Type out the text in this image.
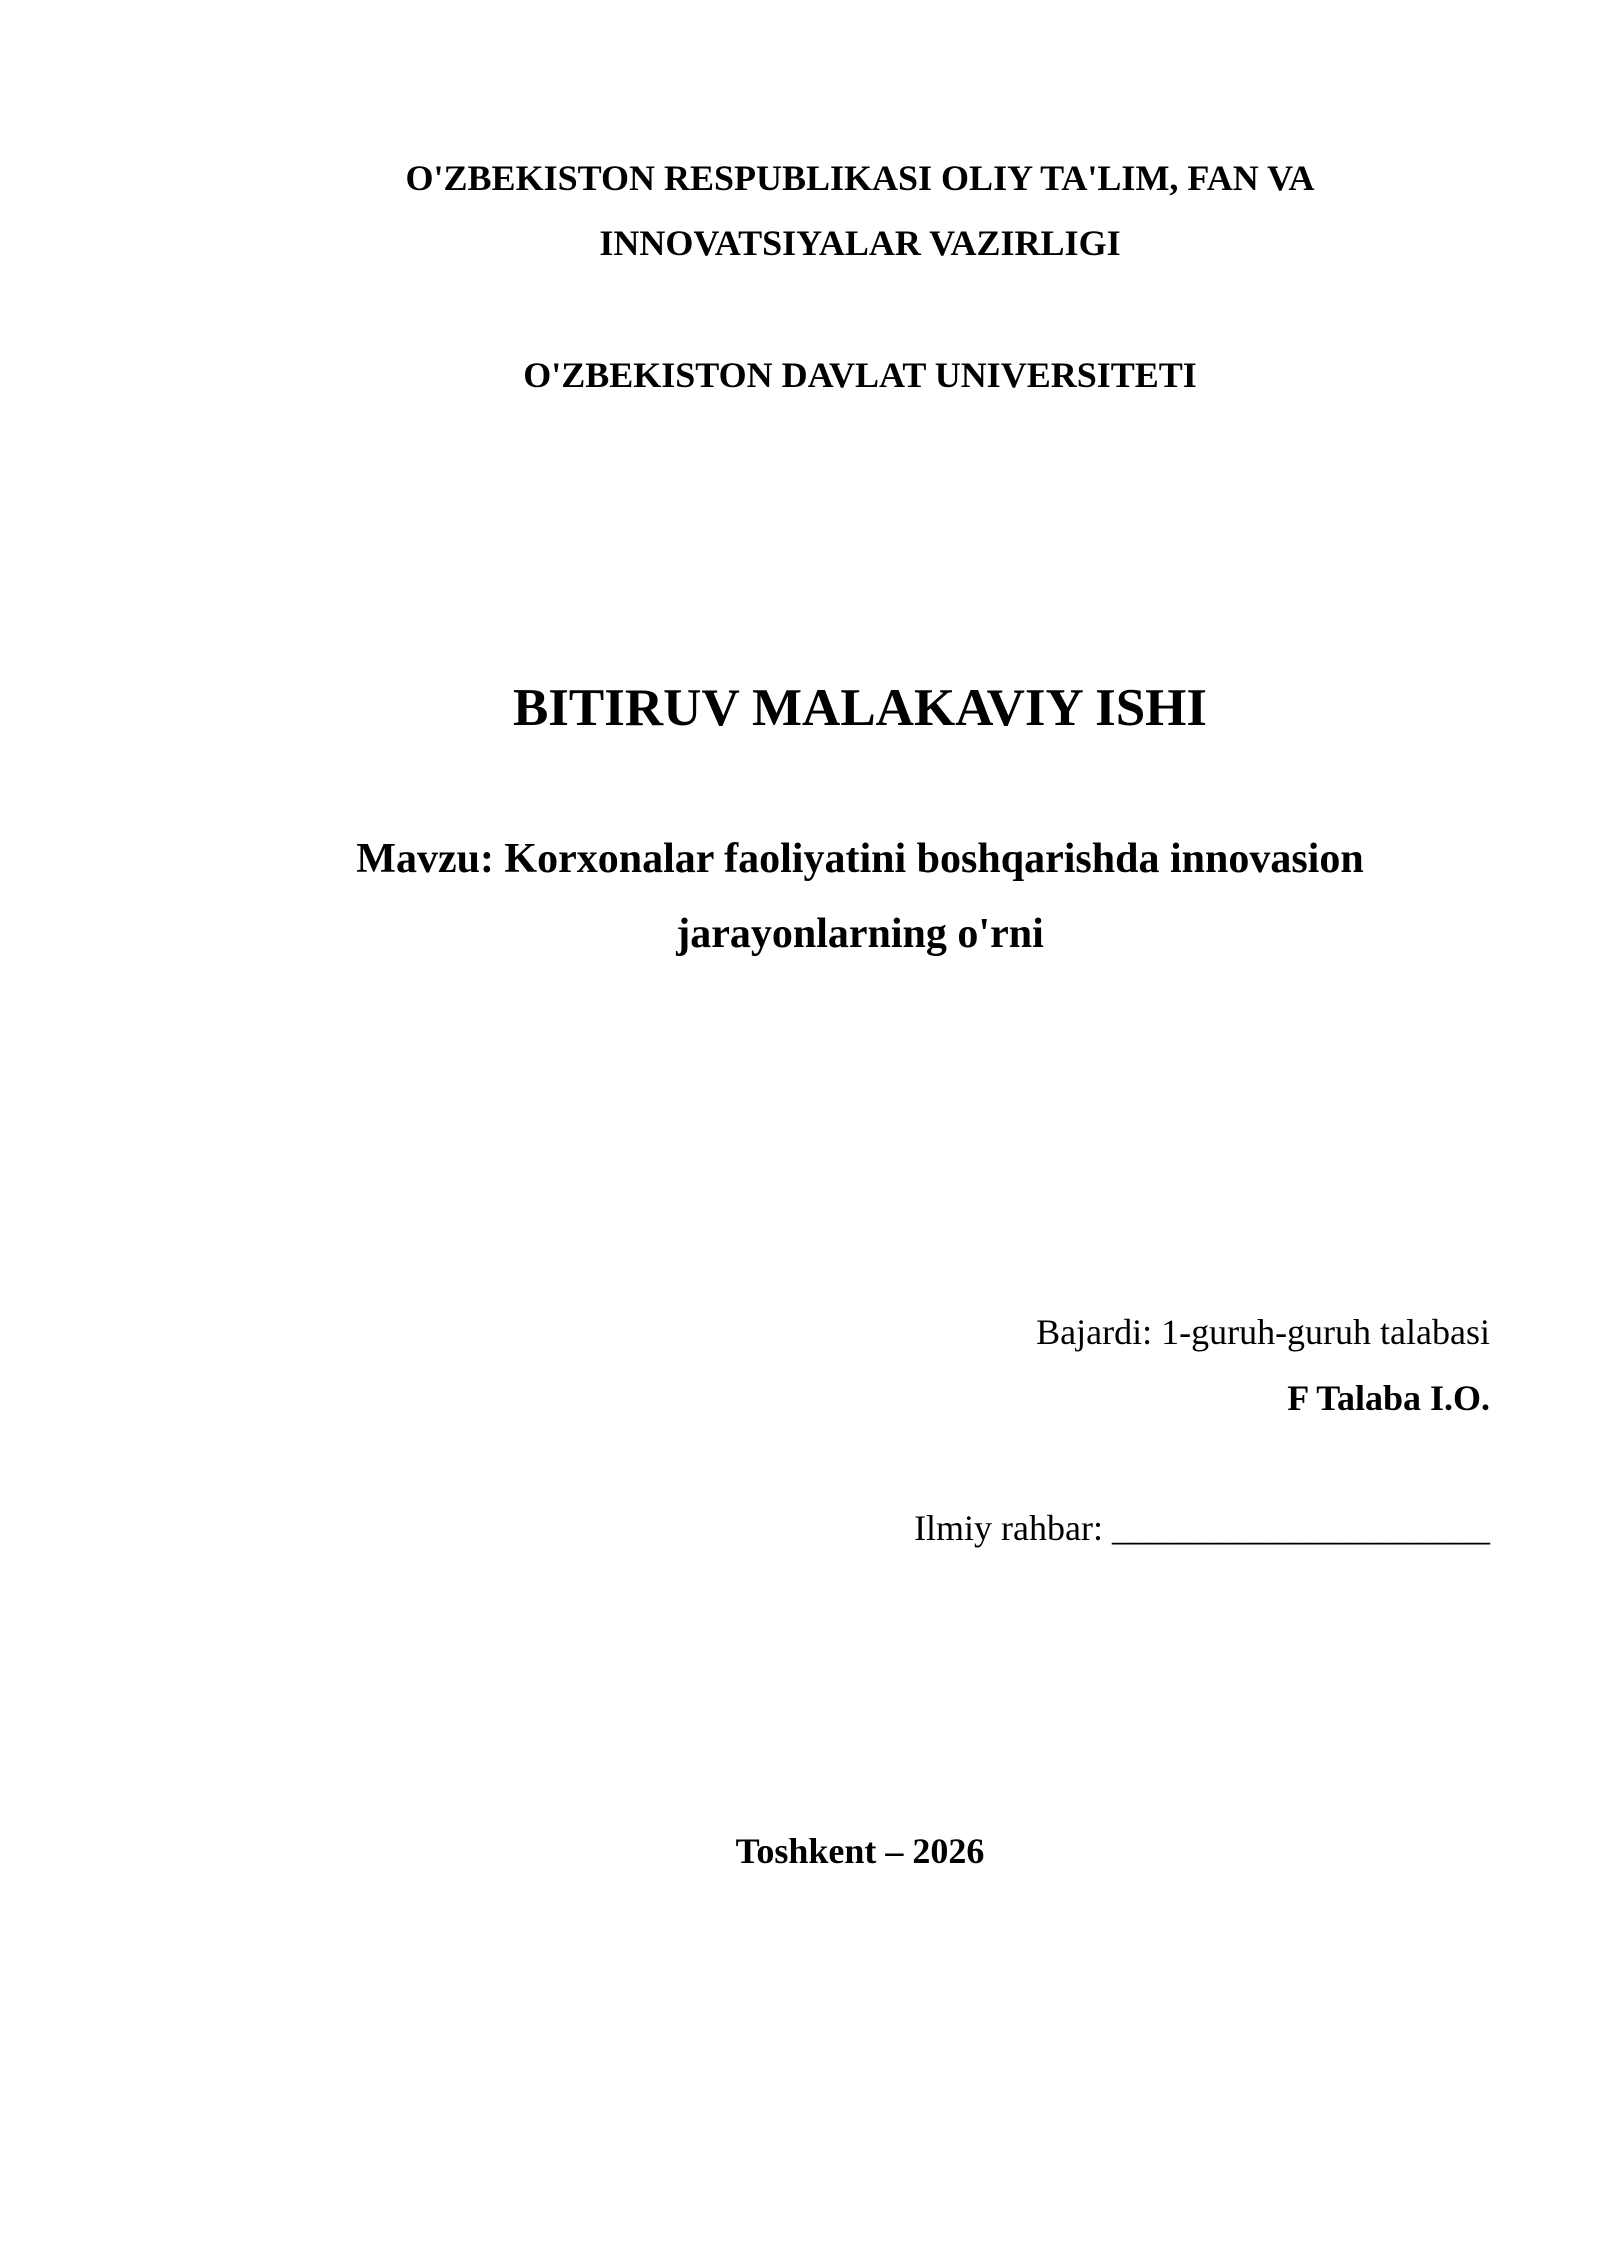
O'ZBEKISTON RESPUBLIKASI OLIY TA'LIM, FAN VA
INNOVATSIYALAR VAZIRLIGI
O'ZBEKISTON DAVLAT UNIVERSITETI
BITIRUV MALAKAVIY ISHI
Mavzu: Korxonalar faoliyatini boshqarishda innovasion
jarayonlarning o'rni
Bajardi: 1-guruh-guruh talabasi
F Talaba I.O.
Ilmiy rahbar: _____________________
Toshkent – 2026
